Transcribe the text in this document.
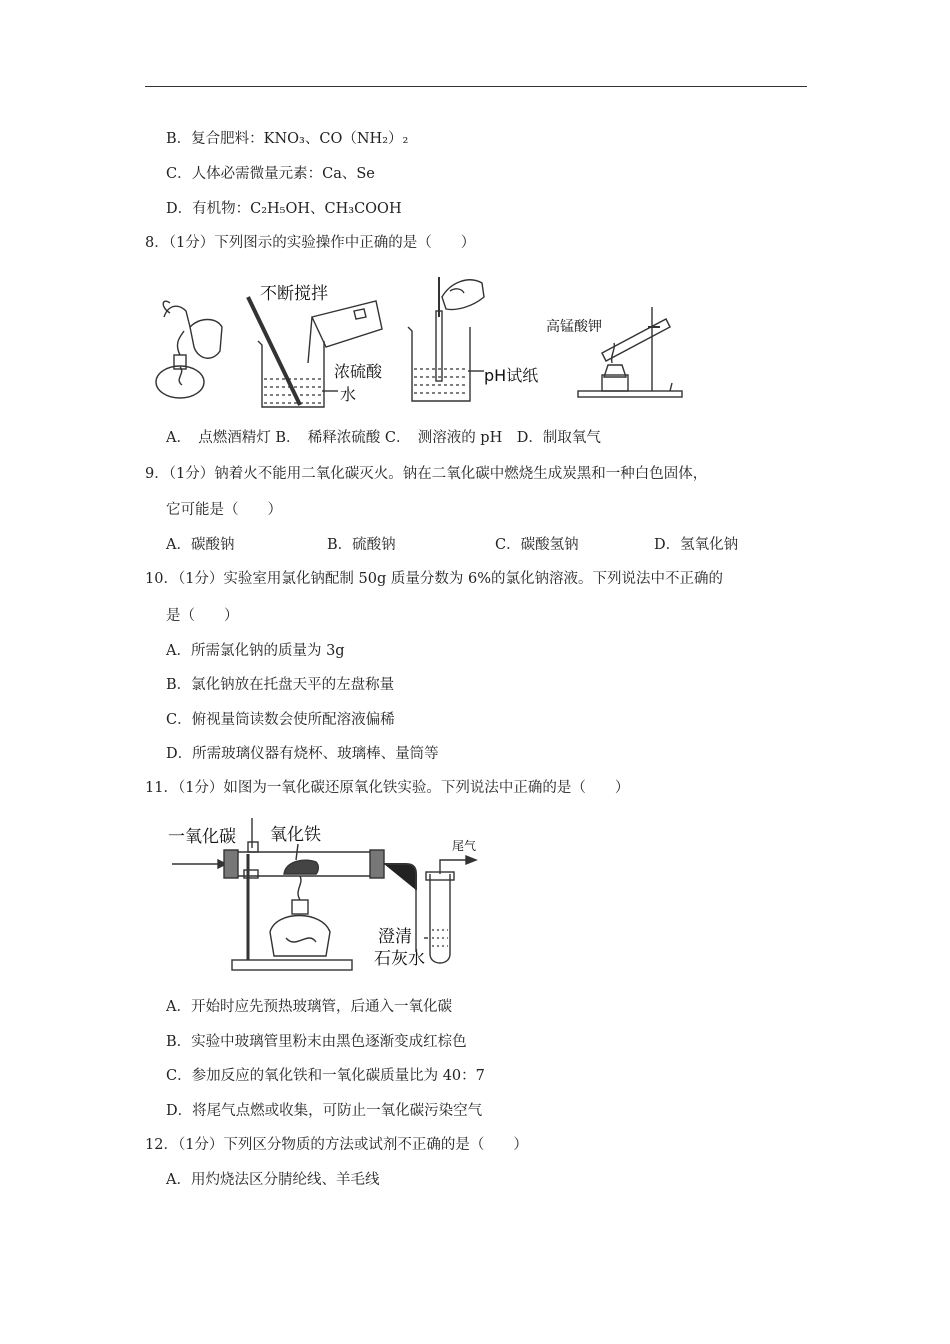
B．复合肥料：KNO₃、CO（NH₂）₂
C．人体必需微量元素：Ca、Se
D．有机物：C₂H₅OH、CH₃COOH
8．（1分）下列图示的实验操作中正确的是（　　）
不断搅拌
浓硫酸
水
pH试纸
高锰酸钾
A．　点燃酒精灯 B．　稀释浓硫酸 C．　测溶液的 pH　D．制取氧气
9．（1分）钠着火不能用二氧化碳灭火。钠在二氧化碳中燃烧生成炭黑和一种白色固体，
它可能是（　　）
A．碳酸钠	B．硫酸钠	C．碳酸氢钠	D．氢氧化钠
10．（1分）实验室用氯化钠配制 50g 质量分数为 6%的氯化钠溶液。下列说法中不正确的
是（　　）
A．所需氯化钠的质量为 3g
B．氯化钠放在托盘天平的左盘称量
C．俯视量筒读数会使所配溶液偏稀
D．所需玻璃仪器有烧杯、玻璃棒、量筒等
11．（1分）如图为一氧化碳还原氧化铁实验。下列说法中正确的是（　　）
一氧化碳 氧化铁
尾气
澄清
石灰水
A．开始时应先预热玻璃管，后通入一氧化碳
B．实验中玻璃管里粉末由黑色逐渐变成红棕色
C．参加反应的氧化铁和一氧化碳质量比为 40：7
D．将尾气点燃或收集，可防止一氧化碳污染空气
12．（1分）下列区分物质的方法或试剂不正确的是（　　）
A．用灼烧法区分腈纶线、羊毛线
